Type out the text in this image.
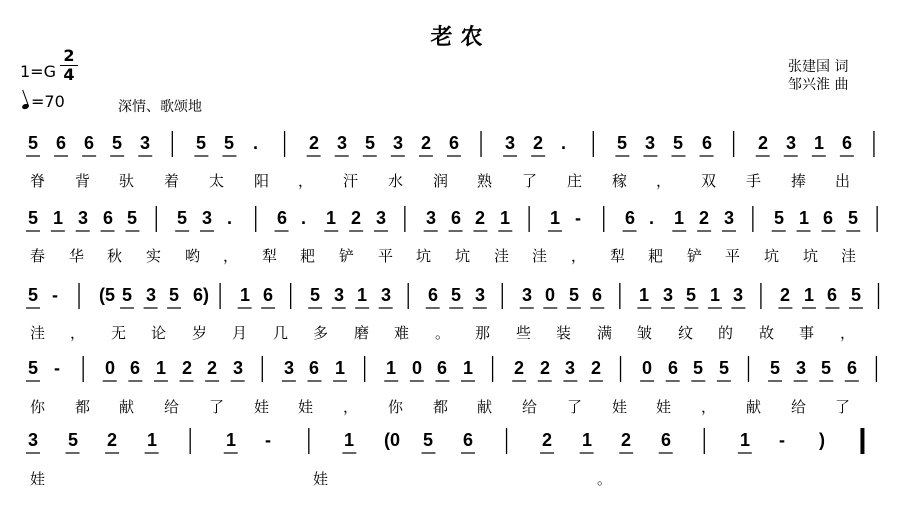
老农
张建国 词
邹兴淮 曲
1=G
2
4
=70	深情、歌颂地
5 6 6 5 3	5 5 .	2 3 5 3 2 6	3 2 .	5 3 5 6	2 3 1 6
脊 背 驮 着 太 阳 ， 汗 水 润 熟 了 庄 稼 ， 双 手 捧 出
5 1 3 6 5 5 3 . 6 . 1 2 3 3 6 2 1 1 - 6 . 1 2 3 5 1 6 5
春 华 秋 实 哟 ， 犁 耙 铲 平 坑 坑 洼 洼 ， 犁 耙 铲 平 坑 坑 洼
5 - (5 5 3 5 6) 1 6 5 3 1 3 6 5 3 3 0 5 6 1 3 5 1 3 2 1 6 5
洼 ， 无 论 岁 月 几 多 磨 难 。 那 些 装 满 皱 纹 的 故 事 ，
5 -	0 6 1 2 2 3 3 6 1 1 0 6 1 2 2 3 2 0 6 5 5 5 3 5 6
你 都 献 给 了 娃 娃 ， 你 都 献 给 了 娃 娃 ， 献 给 了
3 5 2 1	1 -	1 (0 5 6	2 1 2 6	1 - )
娃	娃	。
